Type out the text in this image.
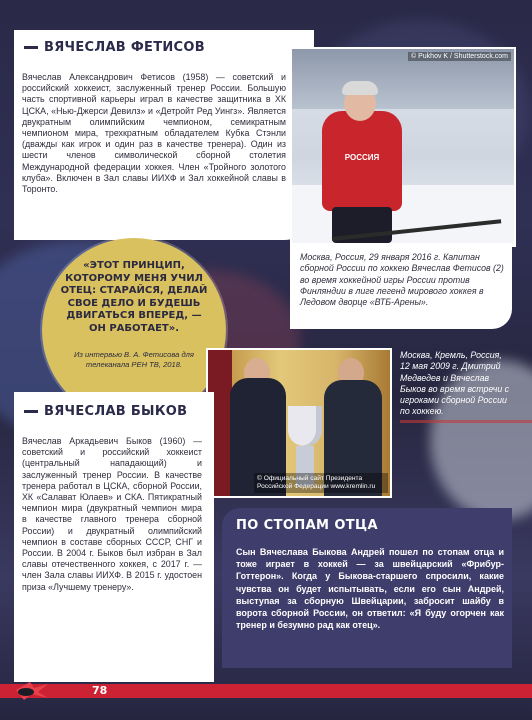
ВЯЧЕСЛАВ ФЕТИСОВ
Вячеслав Александрович Фетисов (1958) — советский и российский хоккеист, заслуженный тренер России. Большую часть спортивной карьеры играл в качестве защитника в ХК ЦСКА, «Нью-Джерси Девилз» и «Детройт Ред Уингз». Является двукратным олимпийским чемпионом, семикратным чемпионом мира, трехкратным обладателем Кубка Стэнли (дважды как игрок и один раз в качестве тренера). Один из шести членов символической сборной столетия Международной федерации хоккея. Член «Тройного золотого клуба». Включен в Зал славы ИИХФ и Зал хоккейной славы в Торонто.
РОССИЯ
© Pukhov K / Shutterstock.com
Москва, Россия, 29 января 2016 г. Капитан сборной России по хоккею Вячеслав Фетисов (2) во время хоккейной игры России против Финляндии в лиге легенд мирового хоккея в Ледовом дворце «ВТБ-Арены».
«ЭТОТ ПРИНЦИП, КОТОРОМУ МЕНЯ УЧИЛ ОТЕЦ: СТАРАЙСЯ, ДЕЛАЙ СВОЕ ДЕЛО И БУДЕШЬ ДВИГАТЬСЯ ВПЕРЕД, — ОН РАБОТАЕТ».
Из интервью В. А. Фетисова для телеканала РЕН ТВ, 2018.
© Официальный сайт Президента Российской Федерации www.kremlin.ru
Москва, Кремль, Россия, 12 мая 2009 г. Дмитрий Медведев и Вячеслав Быков во время встречи с игроками сборной России по хоккею.
ВЯЧЕСЛАВ БЫКОВ
Вячеслав Аркадьевич Быков (1960) — советский и российский хоккеист (центральный нападающий) и заслуженный тренер России. В качестве тренера работал в ЦСКА, сборной России, ХК «Салават Юлаев» и СКА. Пятикратный чемпион мира (двукратный чемпион мира в качестве главного тренера сборной России) и двукратный олимпийский чемпион в составе сборных СССР, СНГ и России. В 2004 г. Быков был избран в Зал славы отечественного хоккея, с 2017 г. — член Зала славы ИИХФ. В 2015 г. удостоен приза «Лучшему тренеру».
ПО СТОПАМ ОТЦА
Сын Вячеслава Быкова Андрей пошел по стопам отца и тоже играет в хоккей — за швейцарский «Фрибур-Готтерон». Когда у Быкова-старшего спросили, какие чувства он будет испытывать, если его сын Андрей, выступая за сборную Швейцарии, забросит шайбу в ворота сборной России, он ответил: «Я буду огорчен как тренер и безумно рад как отец».
78
